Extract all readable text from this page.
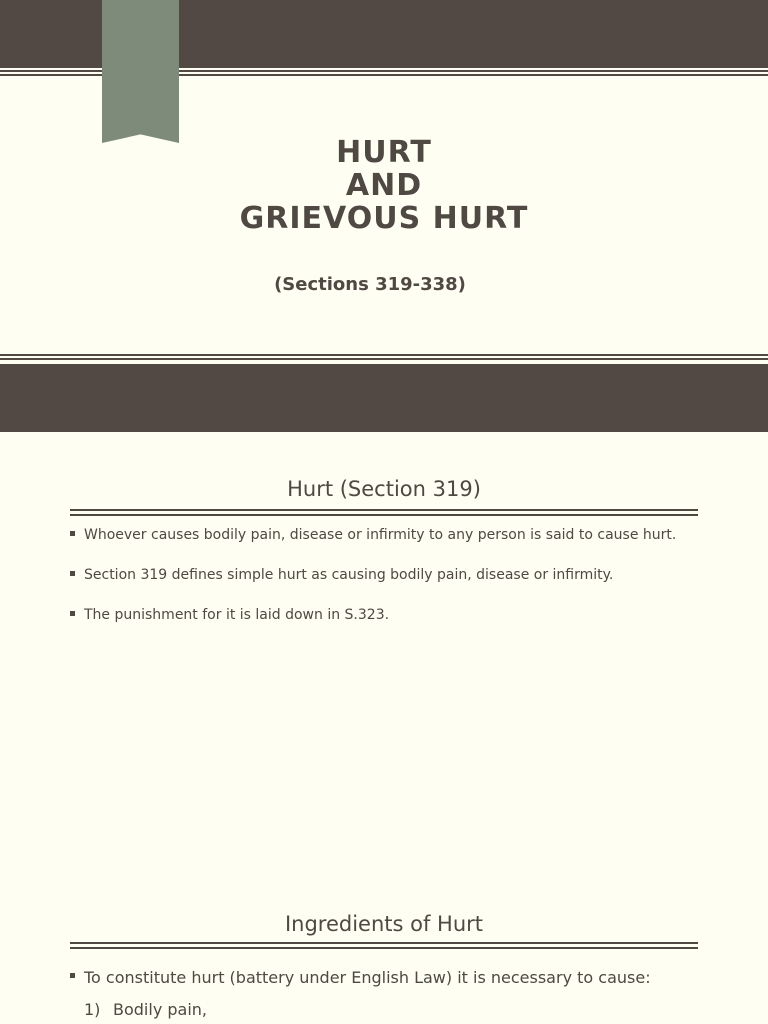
HURT
AND
GRIEVOUS HURT
(Sections 319-338)
Hurt (Section 319)
Whoever causes bodily pain, disease or infirmity to any person is said to cause hurt.
Section 319 defines simple hurt as causing bodily pain, disease or infirmity.
The punishment for it is laid down in S.323.
Ingredients of Hurt
To constitute hurt (battery under English Law) it is necessary to cause:
1) Bodily pain,
